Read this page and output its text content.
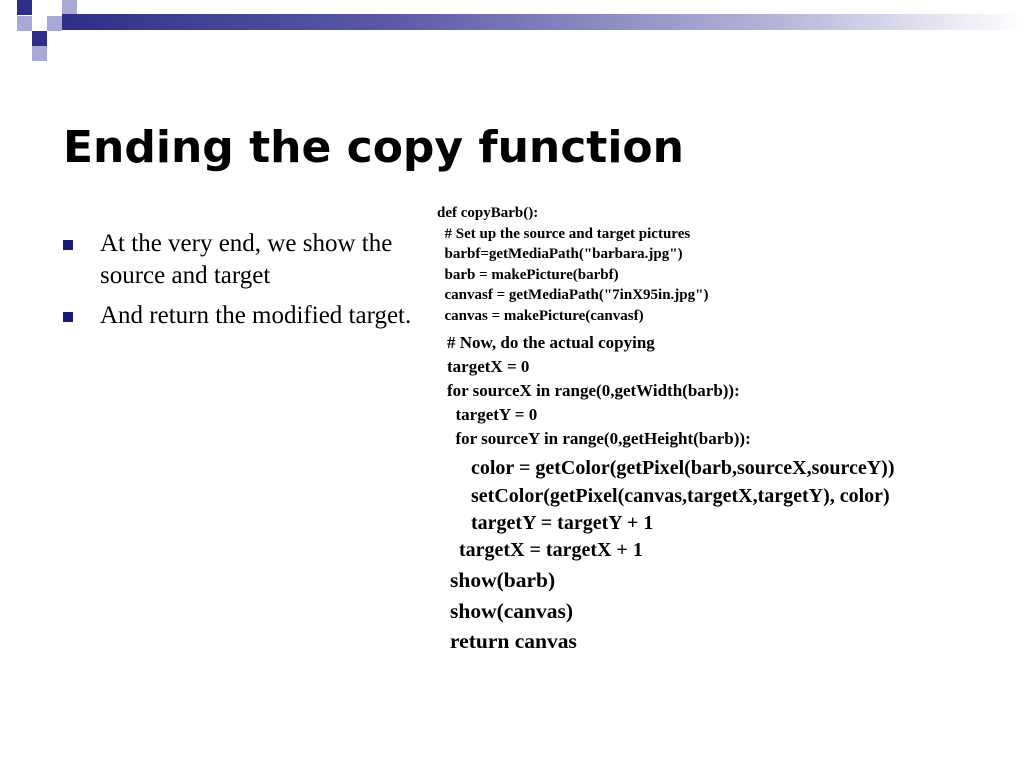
Ending the copy function
At the very end, we show the source and target
And return the modified target.
def copyBarb():
# Set up the source and target pictures
barbf=getMediaPath("barbara.jpg")
barb = makePicture(barbf)
canvasf = getMediaPath("7inX95in.jpg")
canvas = makePicture(canvasf)
# Now, do the actual copying
targetX = 0
for sourceX in range(0,getWidth(barb)):
targetY = 0
for sourceY in range(0,getHeight(barb)):
color = getColor(getPixel(barb,sourceX,sourceY))
setColor(getPixel(canvas,targetX,targetY), color)
targetY = targetY + 1
targetX = targetX + 1
show(barb)
show(canvas)
return canvas
